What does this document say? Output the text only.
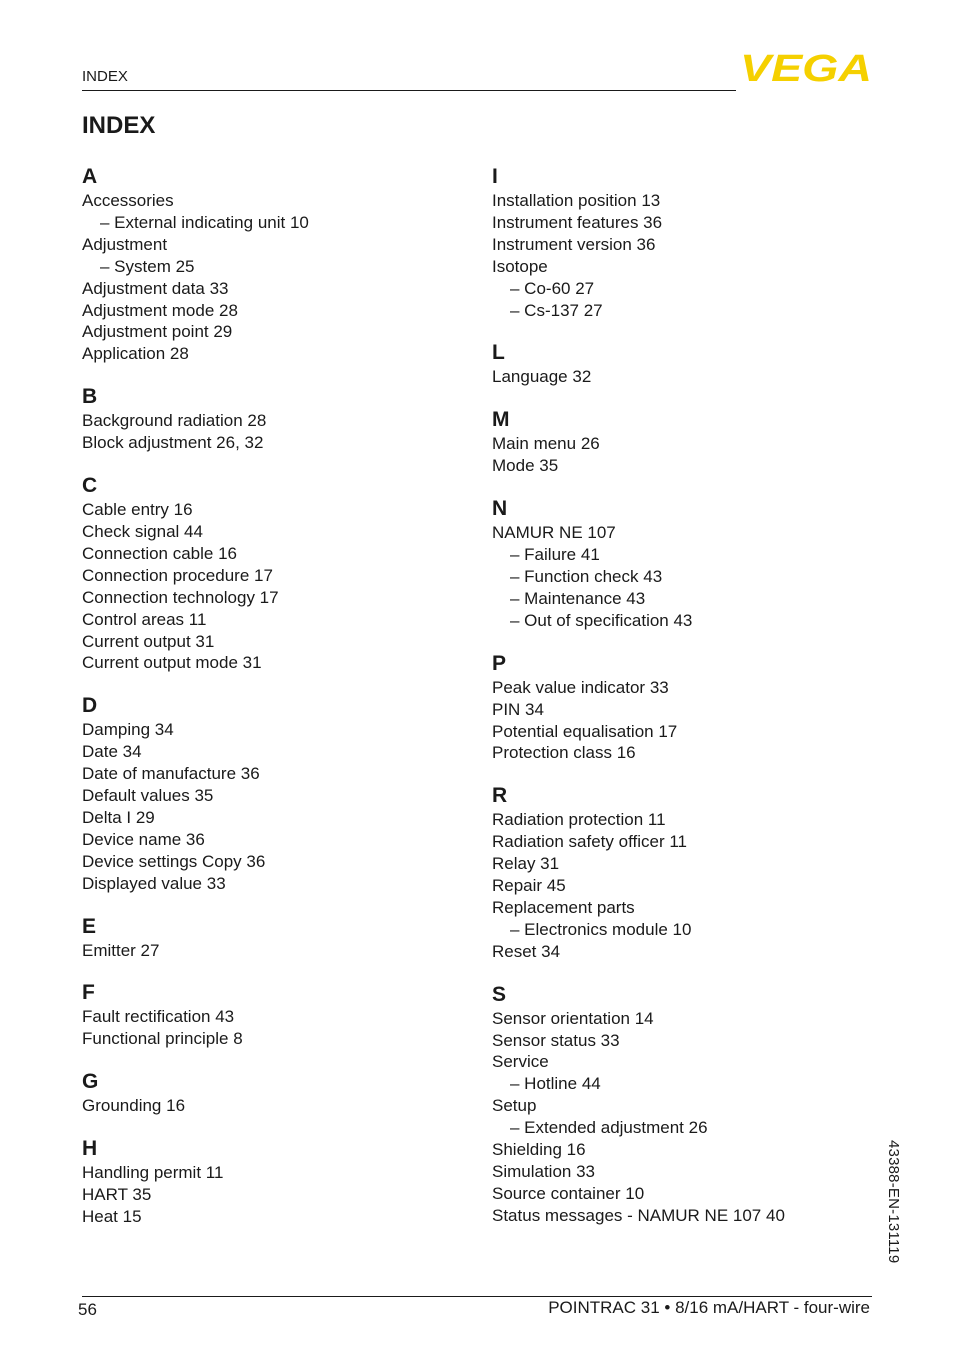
INDEX	VEGA
INDEX
A
Accessories
– External indicating unit 10
Adjustment
– System 25
Adjustment data 33
Adjustment mode 28
Adjustment point 29
Application 28
B
Background radiation 28
Block adjustment 26, 32
C
Cable entry 16
Check signal 44
Connection cable 16
Connection procedure 17
Connection technology 17
Control areas 11
Current output 31
Current output mode 31
D
Damping 34
Date 34
Date of manufacture 36
Default values 35
Delta I 29
Device name 36
Device settings Copy 36
Displayed value 33
E
Emitter 27
F
Fault rectification 43
Functional principle 8
G
Grounding 16
H
Handling permit 11
HART 35
Heat 15
I
Installation position 13
Instrument features 36
Instrument version 36
Isotope
– Co-60 27
– Cs-137 27
L
Language 32
M
Main menu 26
Mode 35
N
NAMUR NE 107
– Failure 41
– Function check 43
– Maintenance 43
– Out of specification 43
P
Peak value indicator 33
PIN 34
Potential equalisation 17
Protection class 16
R
Radiation protection 11
Radiation safety officer 11
Relay 31
Repair 45
Replacement parts
– Electronics module 10
Reset 34
S
Sensor orientation 14
Sensor status 33
Service
– Hotline 44
Setup
– Extended adjustment 26
Shielding 16
Simulation 33
Source container 10
Status messages - NAMUR NE 107 40	43388-EN-131119
56	POINTRAC 31 • 8/16 mA/HART - four-wire
